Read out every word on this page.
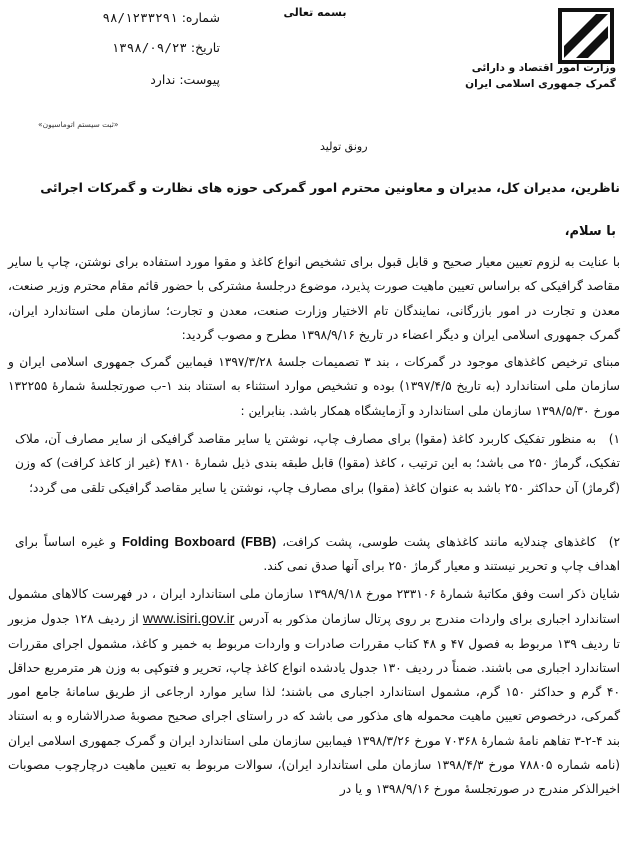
وزارت امور اقتصاد و دارائی
گمرک جمهوری اسلامی ایران
بسمه تعالی
شماره: ۹۸/۱۲۳۳۲۹۱
تاریخ: ۱۳۹۸/۰۹/۲۳
پیوست: ندارد
«ثبت سیستم اتوماسیون»
رونق تولید
ناظرین، مدیران کل، مدیران و معاونین محترم امور گمرکی حوزه های نظارت و گمرکات اجرائی
با سلام،
با عنایت به لزوم تعیین معیار صحیح و قابل قبول برای تشخیص انواع کاغذ و مقوا مورد استفاده برای نوشتن، چاپ یا سایر مقاصد گرافیکی که براساس تعیین ماهیت صورت پذیرد، موضوع درجلسۀ مشترکی با حضور قائم مقام محترم وزیر صنعت، معدن و تجارت در امور بازرگانی، نمایندگان تام الاختیار وزارت صنعت، معدن و تجارت؛ سازمان ملی استاندارد ایران، گمرک جمهوری اسلامی ایران و دیگر اعضاء در تاریخ ۱۳۹۸/۹/۱۶ مطرح و مصوب گردید:
مبنای ترخیص کاغذهای موجود در گمرکات ، بند ۳ تصمیمات جلسۀ ۱۳۹۷/۳/۲۸ فیمابین گمرک جمهوری اسلامی ایران و سازمان ملی استاندارد (به تاریخ ۱۳۹۷/۴/۵) بوده و تشخیص موارد استثناء به استناد بند ۱-ب صورتجلسۀ شمارۀ ۱۳۲۲۵۵ مورخ ۱۳۹۸/۵/۳۰ سازمان ملی استاندارد و آزمایشگاه همکار باشد. بنابراین :
۱)به منظور تفکیک کاربرد کاغذ (مقوا) برای مصارف چاپ، نوشتن یا سایر مقاصد گرافیکی از سایر مصارف آن، ملاک تفکیک، گرماژ ۲۵۰ می باشد؛ به این ترتیب ، کاغذ (مقوا) قابل طبقه بندی ذیل شمارۀ ۴۸۱۰ (غیر از کاغذ کرافت) که وزن (گرماژ) آن حداکثر ۲۵۰ باشد به عنوان کاغذ (مقوا) برای مصارف چاپ، نوشتن یا سایر مقاصد گرافیکی تلقی می گردد؛
۲)کاغذهای چندلایه مانند کاغذهای پشت طوسی، پشت کرافت، Folding Boxboard (FBB) و غیره اساساً برای اهداف چاپ و تحریر نیستند و معیار گرماژ ۲۵۰ برای آنها صدق نمی کند.
شایان ذکر است وفق مکاتبۀ شمارۀ ۲۳۳۱۰۶ مورخ ۱۳۹۸/۹/۱۸ سازمان ملی استاندارد ایران ، در فهرست کالاهای مشمول استاندارد اجباری برای واردات مندرج بر روی پرتال سازمان مذکور به آدرس www.isiri.gov.ir از ردیف ۱۲۸ جدول مزبور تا ردیف ۱۳۹ مربوط به فصول ۴۷ و ۴۸ کتاب مقررات صادرات و واردات مربوط به خمیر و کاغذ، مشمول اجرای مقررات استاندارد اجباری می باشند. ضمناً در ردیف ۱۳۰ جدول یادشده انواع کاغذ چاپ، تحریر و فتوکپی به وزن هر مترمربع حداقل ۴۰ گرم و حداکثر ۱۵۰ گرم، مشمول استاندارد اجباری می باشند؛ لذا سایر موارد ارجاعی از طریق سامانۀ جامع امور گمرکی، درخصوص تعیین ماهیت محموله های مذکور می باشد که در راستای اجرای صحیح مصوبۀ صدرالاشاره و به استناد بند ۴-۲-۳ تفاهم نامۀ شمارۀ ۷۰۳۶۸ مورخ ۱۳۹۸/۳/۲۶ فیمابین سازمان ملی استاندارد ایران و گمرک جمهوری اسلامی ایران (نامه شماره ۷۸۸۰۵ مورخ ۱۳۹۸/۴/۳ سازمان ملی استاندارد ایران)، سوالات مربوط به تعیین ماهیت درچارچوب مصوبات اخیرالذکر مندرج در صورتجلسۀ مورخ ۱۳۹۸/۹/۱۶ و یا در
